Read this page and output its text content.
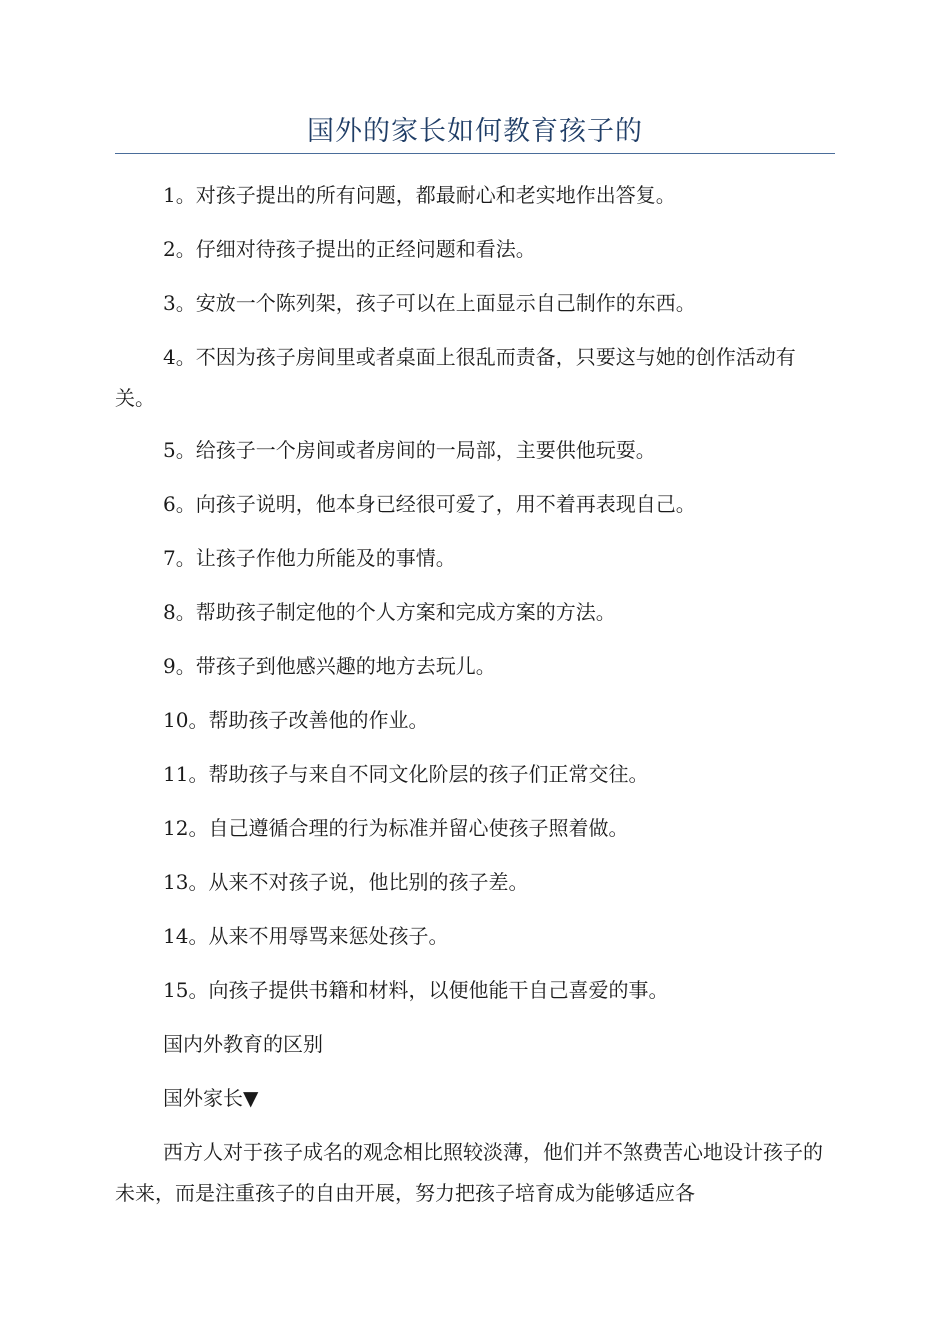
国外的家长如何教育孩子的
1。对孩子提出的所有问题，都最耐心和老实地作出答复。
2。仔细对待孩子提出的正经问题和看法。
3。安放一个陈列架，孩子可以在上面显示自己制作的东西。
4。不因为孩子房间里或者桌面上很乱而责备，只要这与她的创作活动有关。
5。给孩子一个房间或者房间的一局部，主要供他玩耍。
6。向孩子说明，他本身已经很可爱了，用不着再表现自己。
7。让孩子作他力所能及的事情。
8。帮助孩子制定他的个人方案和完成方案的方法。
9。带孩子到他感兴趣的地方去玩儿。
10。帮助孩子改善他的作业。
11。帮助孩子与来自不同文化阶层的孩子们正常交往。
12。自己遵循合理的行为标准并留心使孩子照着做。
13。从来不对孩子说，他比别的孩子差。
14。从来不用辱骂来惩处孩子。
15。向孩子提供书籍和材料，以便他能干自己喜爱的事。
国内外教育的区别
国外家长▼
西方人对于孩子成名的观念相比照较淡薄，他们并不煞费苦心地设计孩子的未来，而是注重孩子的自由开展，努力把孩子培育成为能够适应各
